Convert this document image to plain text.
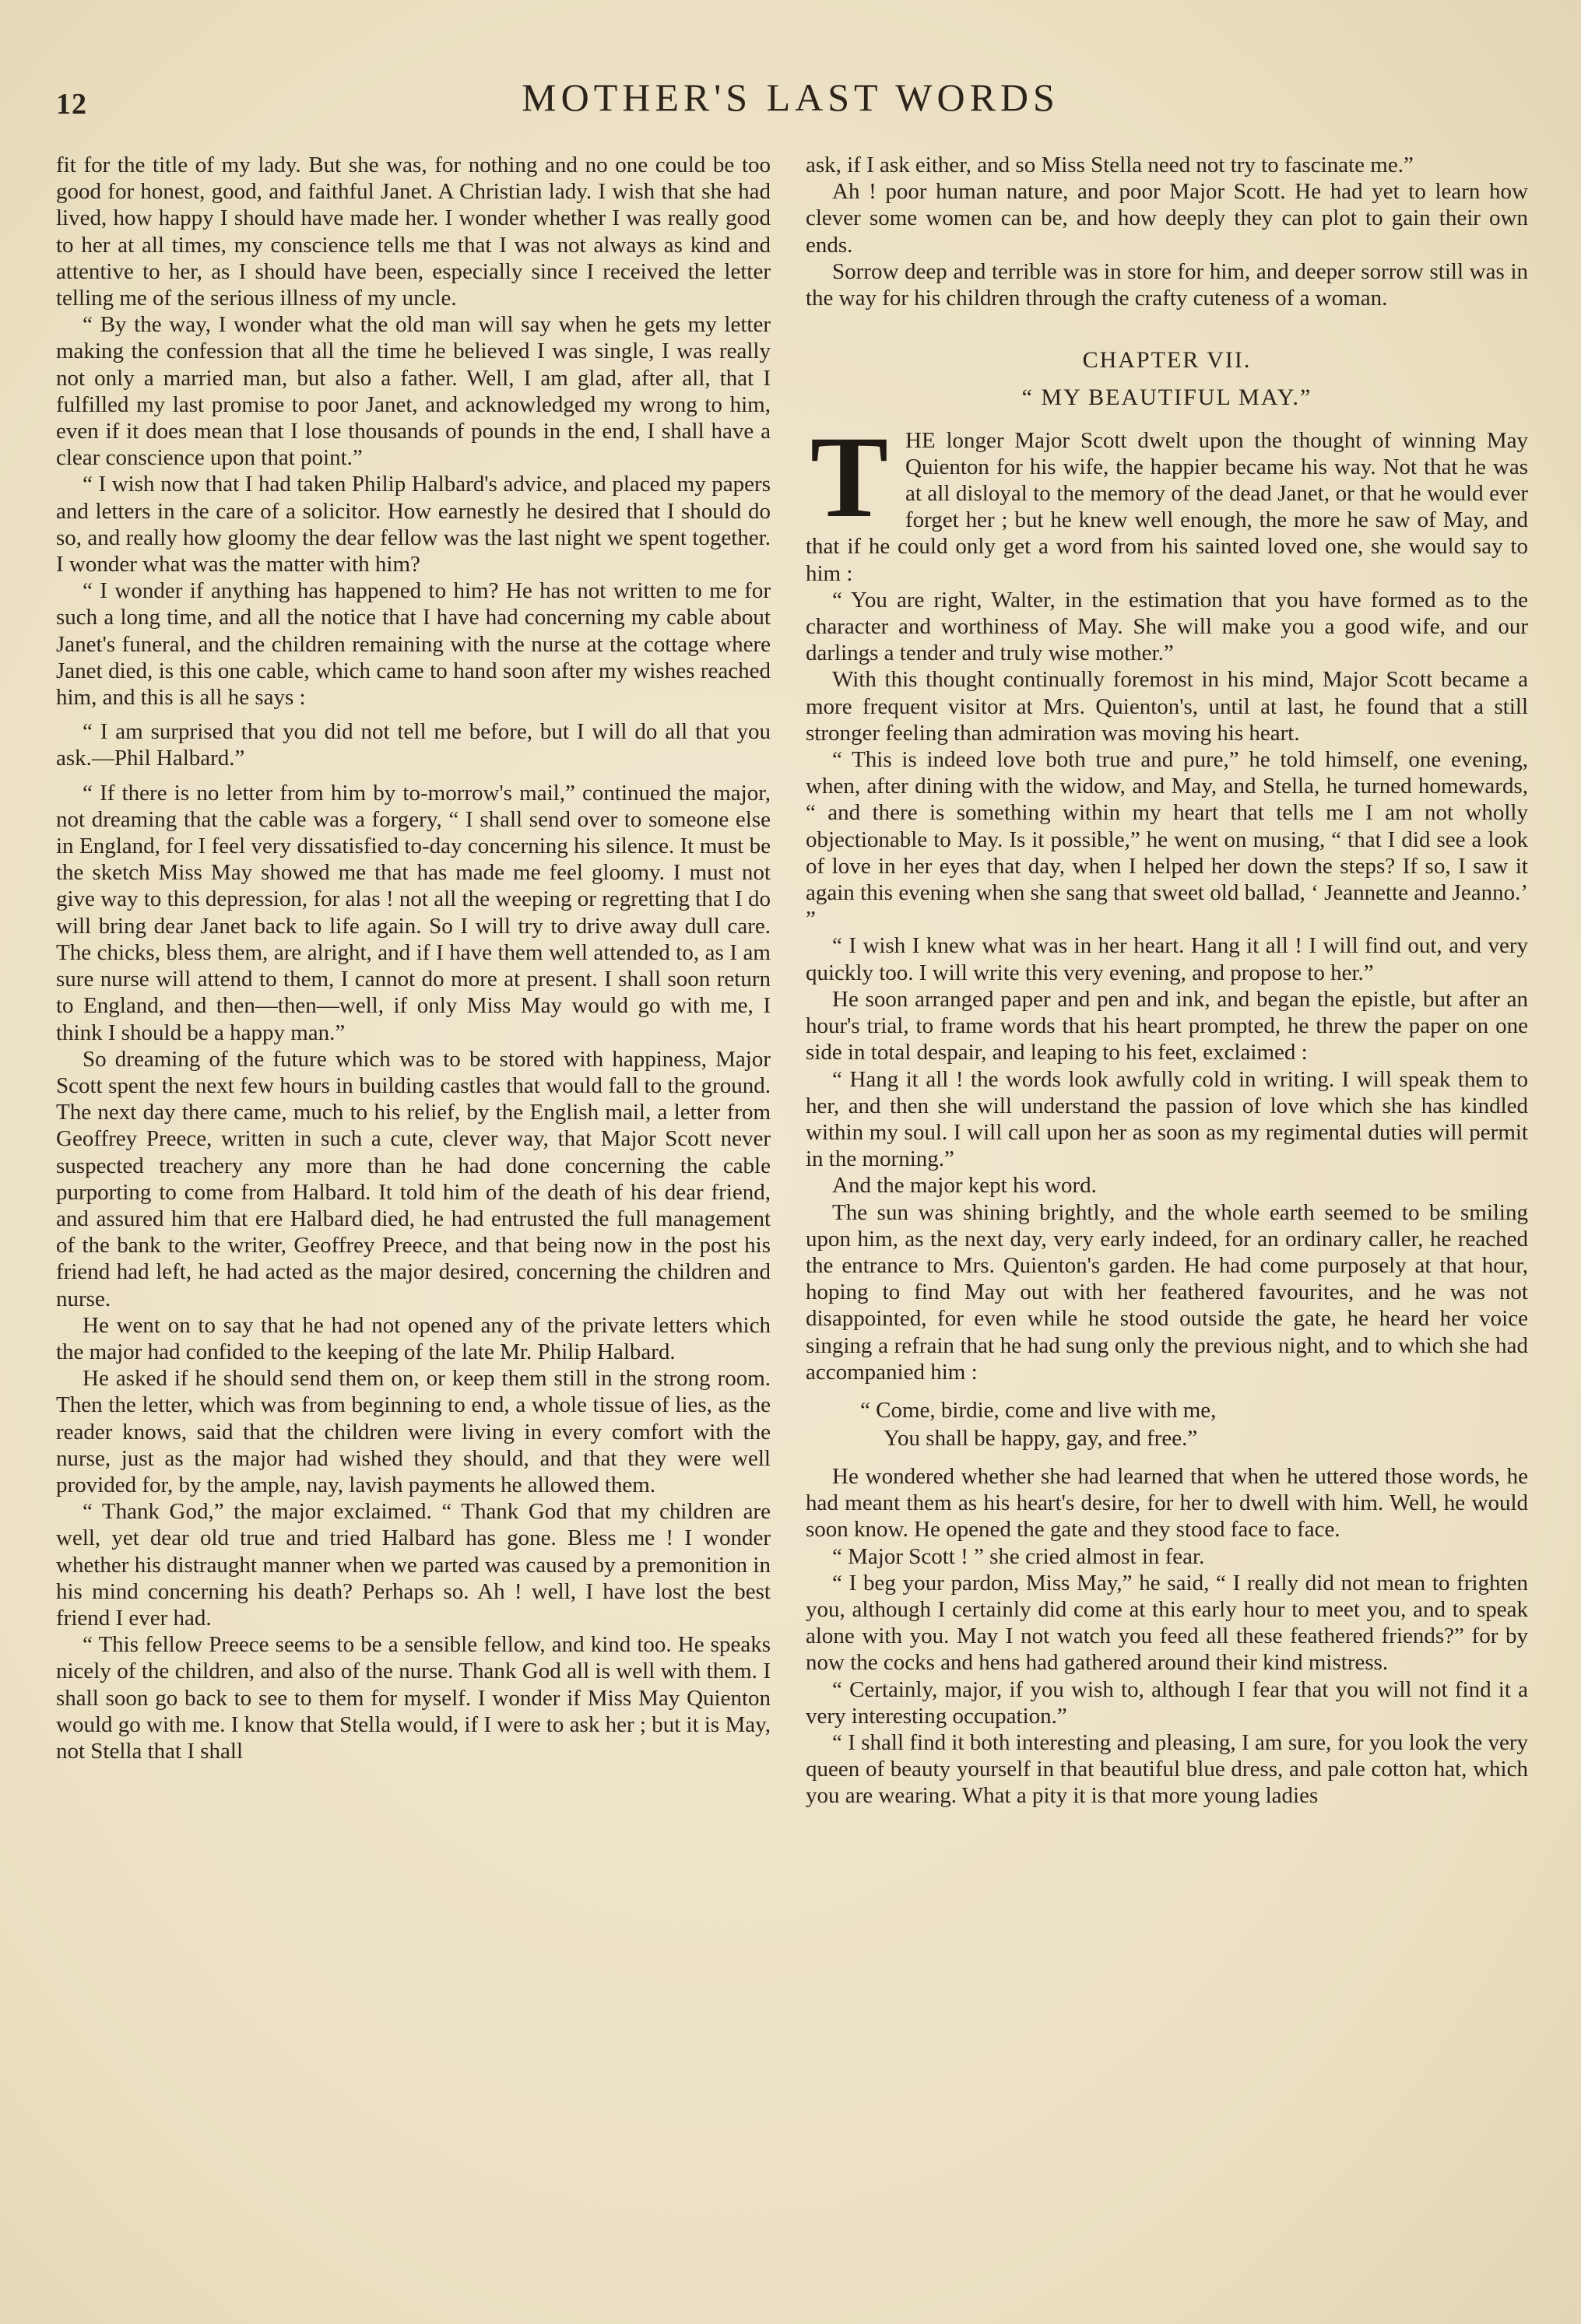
12	MOTHER'S LAST WORDS

fit for the title of my lady. But she was, for nothing and no one could be too good for honest, good, and faithful Janet. A Christian lady. I wish that she had lived, how happy I should have made her. I wonder whether I was really good to her at all times, my conscience tells me that I was not always as kind and attentive to her, as I should have been, especially since I received the letter telling me of the serious illness of my uncle.

“ By the way, I wonder what the old man will say when he gets my letter making the confession that all the time he believed I was single, I was really not only a married man, but also a father. Well, I am glad, after all, that I fulfilled my last promise to poor Janet, and acknowledged my wrong to him, even if it does mean that I lose thousands of pounds in the end, I shall have a clear conscience upon that point.”

“ I wish now that I had taken Philip Halbard's advice, and placed my papers and letters in the care of a solicitor. How earnestly he desired that I should do so, and really how gloomy the dear fellow was the last night we spent together. I wonder what was the matter with him?

“ I wonder if anything has happened to him? He has not written to me for such a long time, and all the notice that I have had concerning my cable about Janet's funeral, and the children remaining with the nurse at the cottage where Janet died, is this one cable, which came to hand soon after my wishes reached him, and this is all he says :

“ I am surprised that you did not tell me before, but I will do all that you ask.—Phil Halbard.”

“ If there is no letter from him by to-morrow's mail,” continued the major, not dreaming that the cable was a forgery, “ I shall send over to someone else in England, for I feel very dissatisfied to-day concerning his silence. It must be the sketch Miss May showed me that has made me feel gloomy. I must not give way to this depression, for alas ! not all the weeping or regretting that I do will bring dear Janet back to life again. So I will try to drive away dull care. The chicks, bless them, are alright, and if I have them well attended to, as I am sure nurse will attend to them, I cannot do more at present. I shall soon return to England, and then—then—well, if only Miss May would go with me, I think I should be a happy man.”

So dreaming of the future which was to be stored with happiness, Major Scott spent the next few hours in building castles that would fall to the ground. The next day there came, much to his relief, by the English mail, a letter from Geoffrey Preece, written in such a cute, clever way, that Major Scott never suspected treachery any more than he had done concerning the cable purporting to come from Halbard. It told him of the death of his dear friend, and assured him that ere Halbard died, he had entrusted the full management of the bank to the writer, Geoffrey Preece, and that being now in the post his friend had left, he had acted as the major desired, concerning the children and nurse.

He went on to say that he had not opened any of the private letters which the major had confided to the keeping of the late Mr. Philip Halbard.

He asked if he should send them on, or keep them still in the strong room. Then the letter, which was from beginning to end, a whole tissue of lies, as the reader knows, said that the children were living in every comfort with the nurse, just as the major had wished they should, and that they were well provided for, by the ample, nay, lavish payments he allowed them.

“ Thank God,” the major exclaimed. “ Thank God that my children are well, yet dear old true and tried Halbard has gone. Bless me ! I wonder whether his distraught manner when we parted was caused by a premonition in his mind concerning his death? Perhaps so. Ah ! well, I have lost the best friend I ever had.

“ This fellow Preece seems to be a sensible fellow, and kind too. He speaks nicely of the children, and also of the nurse. Thank God all is well with them. I shall soon go back to see to them for myself. I wonder if Miss May Quienton would go with me. I know that Stella would, if I were to ask her ; but it is May, not Stella that I shall

ask, if I ask either, and so Miss Stella need not try to fascinate me.”

Ah ! poor human nature, and poor Major Scott. He had yet to learn how clever some women can be, and how deeply they can plot to gain their own ends.

Sorrow deep and terrible was in store for him, and deeper sorrow still was in the way for his children through the crafty cuteness of a woman.

CHAPTER VII.
“ MY BEAUTIFUL MAY.”

THE longer Major Scott dwelt upon the thought of winning May Quienton for his wife, the happier became his way. Not that he was at all disloyal to the memory of the dead Janet, or that he would ever forget her ; but he knew well enough, the more he saw of May, and that if he could only get a word from his sainted loved one, she would say to him :

“ You are right, Walter, in the estimation that you have formed as to the character and worthiness of May. She will make you a good wife, and our darlings a tender and truly wise mother.”

With this thought continually foremost in his mind, Major Scott became a more frequent visitor at Mrs. Quienton's, until at last, he found that a still stronger feeling than admiration was moving his heart.

“ This is indeed love both true and pure,” he told himself, one evening, when, after dining with the widow, and May, and Stella, he turned homewards, “ and there is something within my heart that tells me I am not wholly objectionable to May. Is it possible,” he went on musing, “ that I did see a look of love in her eyes that day, when I helped her down the steps? If so, I saw it again this evening when she sang that sweet old ballad, ‘ Jeannette and Jeanno.’ ”

“ I wish I knew what was in her heart. Hang it all ! I will find out, and very quickly too. I will write this very evening, and propose to her.”

He soon arranged paper and pen and ink, and began the epistle, but after an hour's trial, to frame words that his heart prompted, he threw the paper on one side in total despair, and leaping to his feet, exclaimed :

“ Hang it all ! the words look awfully cold in writing. I will speak them to her, and then she will understand the passion of love which she has kindled within my soul. I will call upon her as soon as my regimental duties will permit in the morning.”

And the major kept his word.

The sun was shining brightly, and the whole earth seemed to be smiling upon him, as the next day, very early indeed, for an ordinary caller, he reached the entrance to Mrs. Quienton's garden. He had come purposely at that hour, hoping to find May out with her feathered favourites, and he was not disappointed, for even while he stood outside the gate, he heard her voice singing a refrain that he had sung only the previous night, and to which she had accompanied him :

“ Come, birdie, come and live with me,
You shall be happy, gay, and free.”

He wondered whether she had learned that when he uttered those words, he had meant them as his heart's desire, for her to dwell with him. Well, he would soon know. He opened the gate and they stood face to face.

“ Major Scott ! ” she cried almost in fear.

“ I beg your pardon, Miss May,” he said, “ I really did not mean to frighten you, although I certainly did come at this early hour to meet you, and to speak alone with you. May I not watch you feed all these feathered friends?” for by now the cocks and hens had gathered around their kind mistress.

“ Certainly, major, if you wish to, although I fear that you will not find it a very interesting occupation.”

“ I shall find it both interesting and pleasing, I am sure, for you look the very queen of beauty yourself in that beautiful blue dress, and pale cotton hat, which you are wearing. What a pity it is that more young ladies
